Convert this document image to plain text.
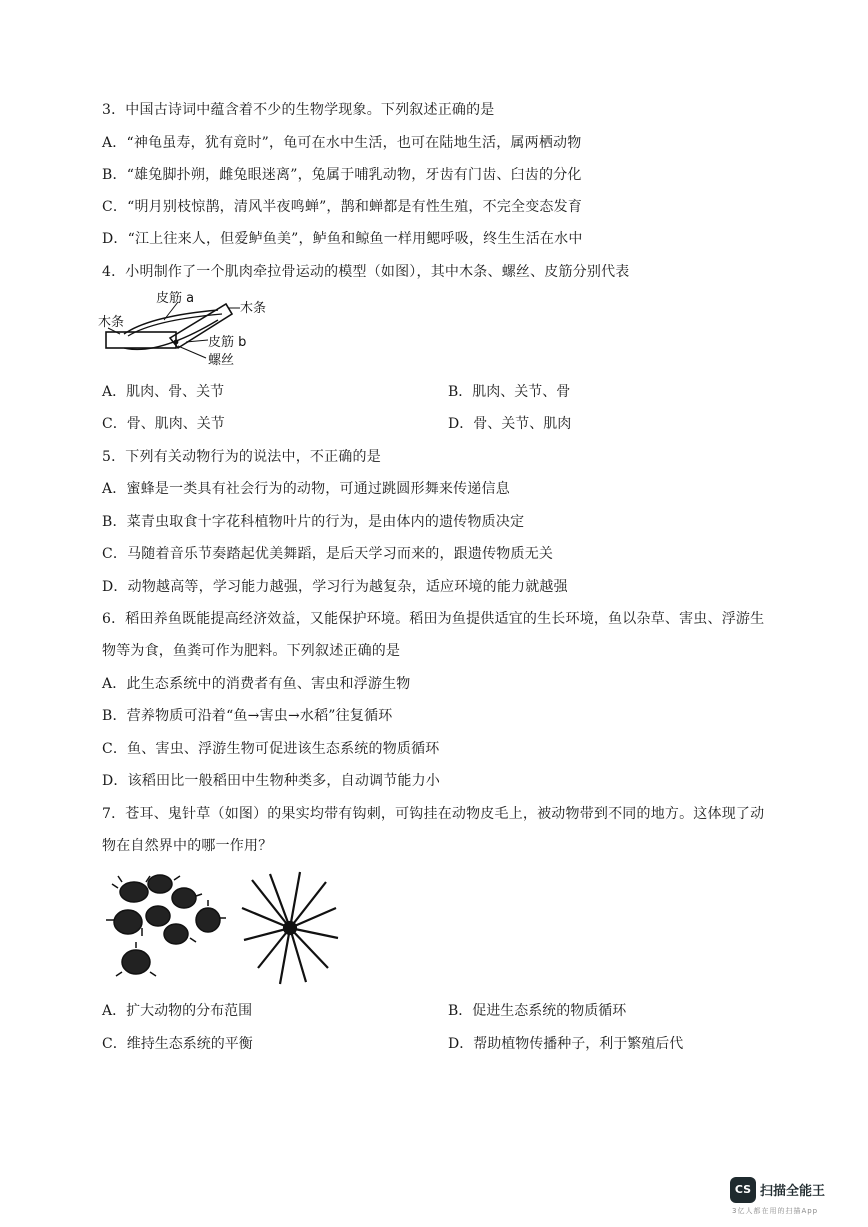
3．中国古诗词中蕴含着不少的生物学现象。下列叙述正确的是
A．“神龟虽寿，犹有竟时”，龟可在水中生活，也可在陆地生活，属两栖动物
B．“雄兔脚扑朔，雌兔眼迷离”，兔属于哺乳动物，牙齿有门齿、臼齿的分化
C．“明月别枝惊鹊，清风半夜鸣蝉”，鹊和蝉都是有性生殖，不完全变态发育
D．“江上往来人，但爱鲈鱼美”，鲈鱼和鲸鱼一样用鳃呼吸，终生生活在水中
4．小明制作了一个肌肉牵拉骨运动的模型（如图），其中木条、螺丝、皮筋分别代表
皮筋 a
木条
木条
皮筋 b
螺丝
A．肌肉、骨、关节	B．肌肉、关节、骨
C．骨、肌肉、关节	D．骨、关节、肌肉
5．下列有关动物行为的说法中，不正确的是
A．蜜蜂是一类具有社会行为的动物，可通过跳圆形舞来传递信息
B．菜青虫取食十字花科植物叶片的行为，是由体内的遗传物质决定
C．马随着音乐节奏踏起优美舞蹈，是后天学习而来的，跟遗传物质无关
D．动物越高等，学习能力越强，学习行为越复杂，适应环境的能力就越强
6．稻田养鱼既能提高经济效益，又能保护环境。稻田为鱼提供适宜的生长环境，鱼以杂草、害虫、浮游生
物等为食，鱼粪可作为肥料。下列叙述正确的是
A．此生态系统中的消费者有鱼、害虫和浮游生物
B．营养物质可沿着“鱼→害虫→水稻”往复循环
C．鱼、害虫、浮游生物可促进该生态系统的物质循环
D．该稻田比一般稻田中生物种类多，自动调节能力小
7．苍耳、鬼针草（如图）的果实均带有钩刺，可钩挂在动物皮毛上，被动物带到不同的地方。这体现了动
物在自然界中的哪一作用？
A．扩大动物的分布范围	B．促进生态系统的物质循环
C．维持生态系统的平衡	D．帮助植物传播种子，利于繁殖后代
CS 扫描全能王
3亿人都在用的扫描App
